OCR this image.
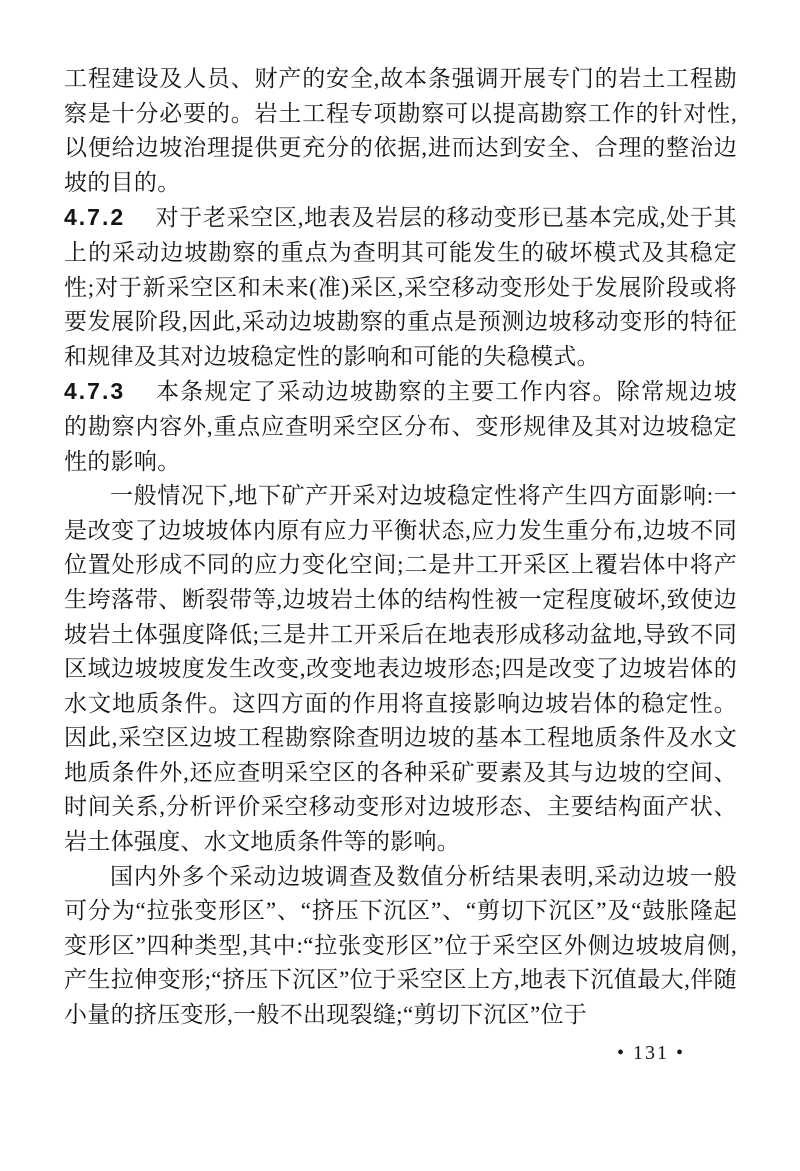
工程建设及人员、财产的安全,故本条强调开展专门的岩土工程勘察是十分必要的。岩土工程专项勘察可以提高勘察工作的针对性,以便给边坡治理提供更充分的依据,进而达到安全、合理的整治边坡的目的。

4.7.2 对于老采空区,地表及岩层的移动变形已基本完成,处于其上的采动边坡勘察的重点为查明其可能发生的破坏模式及其稳定性;对于新采空区和未来(准)采区,采空移动变形处于发展阶段或将要发展阶段,因此,采动边坡勘察的重点是预测边坡移动变形的特征和规律及其对边坡稳定性的影响和可能的失稳模式。

4.7.3 本条规定了采动边坡勘察的主要工作内容。除常规边坡的勘察内容外,重点应查明采空区分布、变形规律及其对边坡稳定性的影响。

一般情况下,地下矿产开采对边坡稳定性将产生四方面影响:一是改变了边坡坡体内原有应力平衡状态,应力发生重分布,边坡不同位置处形成不同的应力变化空间;二是井工开采区上覆岩体中将产生垮落带、断裂带等,边坡岩土体的结构性被一定程度破坏,致使边坡岩土体强度降低;三是井工开采后在地表形成移动盆地,导致不同区域边坡坡度发生改变,改变地表边坡形态;四是改变了边坡岩体的水文地质条件。这四方面的作用将直接影响边坡岩体的稳定性。因此,采空区边坡工程勘察除查明边坡的基本工程地质条件及水文地质条件外,还应查明采空区的各种采矿要素及其与边坡的空间、时间关系,分析评价采空移动变形对边坡形态、主要结构面产状、岩土体强度、水文地质条件等的影响。

国内外多个采动边坡调查及数值分析结果表明,采动边坡一般可分为“拉张变形区”、“挤压下沉区”、“剪切下沉区”及“鼓胀隆起变形区”四种类型,其中:“拉张变形区”位于采空区外侧边坡坡肩侧,产生拉伸变形;“挤压下沉区”位于采空区上方,地表下沉值最大,伴随小量的挤压变形,一般不出现裂缝;“剪切下沉区”位于

• 131 •
